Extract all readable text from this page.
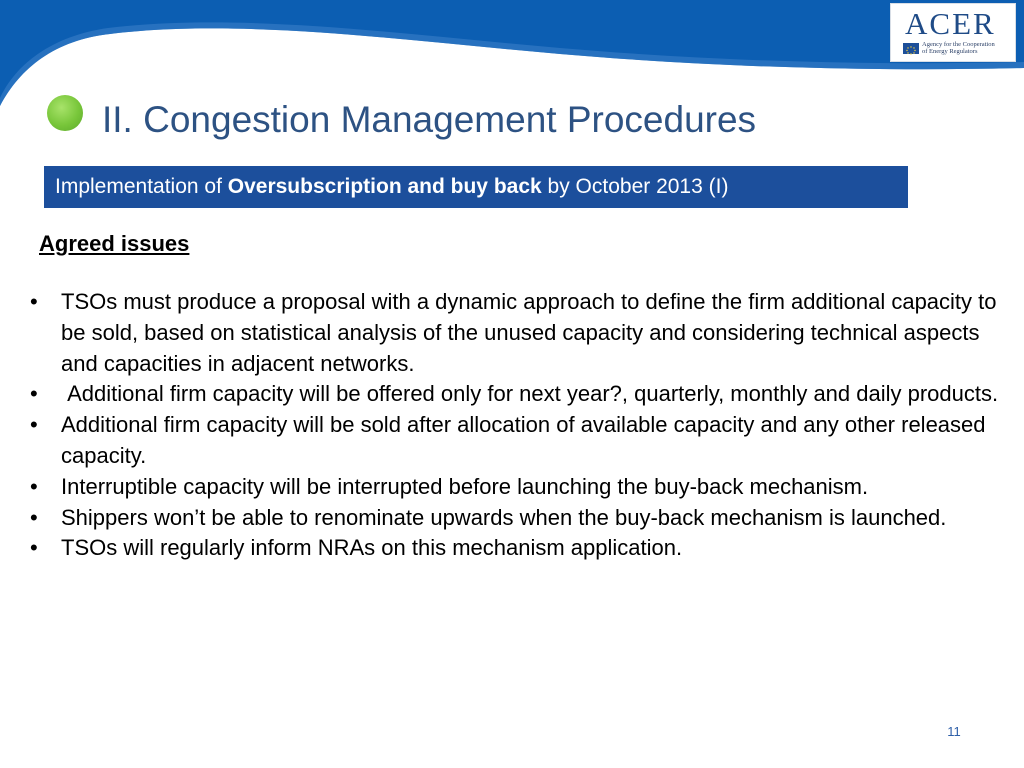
ACER
Agency for the Cooperation
of Energy Regulators
II. Congestion Management Procedures
Implementation of Oversubscription and buy back by October 2013 (I)
Agreed issues
• TSOs must produce a proposal with a dynamic approach to define the firm additional capacity to be sold, based on statistical analysis of the unused capacity and considering technical aspects and capacities in adjacent networks.
• Additional firm capacity will be offered only for next year?, quarterly, monthly and daily products.
• Additional firm capacity will be sold after allocation of available capacity and any other released capacity.
• Interruptible capacity will be interrupted before launching the buy-back mechanism.
• Shippers won’t be able to renominate upwards when the buy-back mechanism is launched.
• TSOs will regularly inform NRAs on this mechanism application.
11
